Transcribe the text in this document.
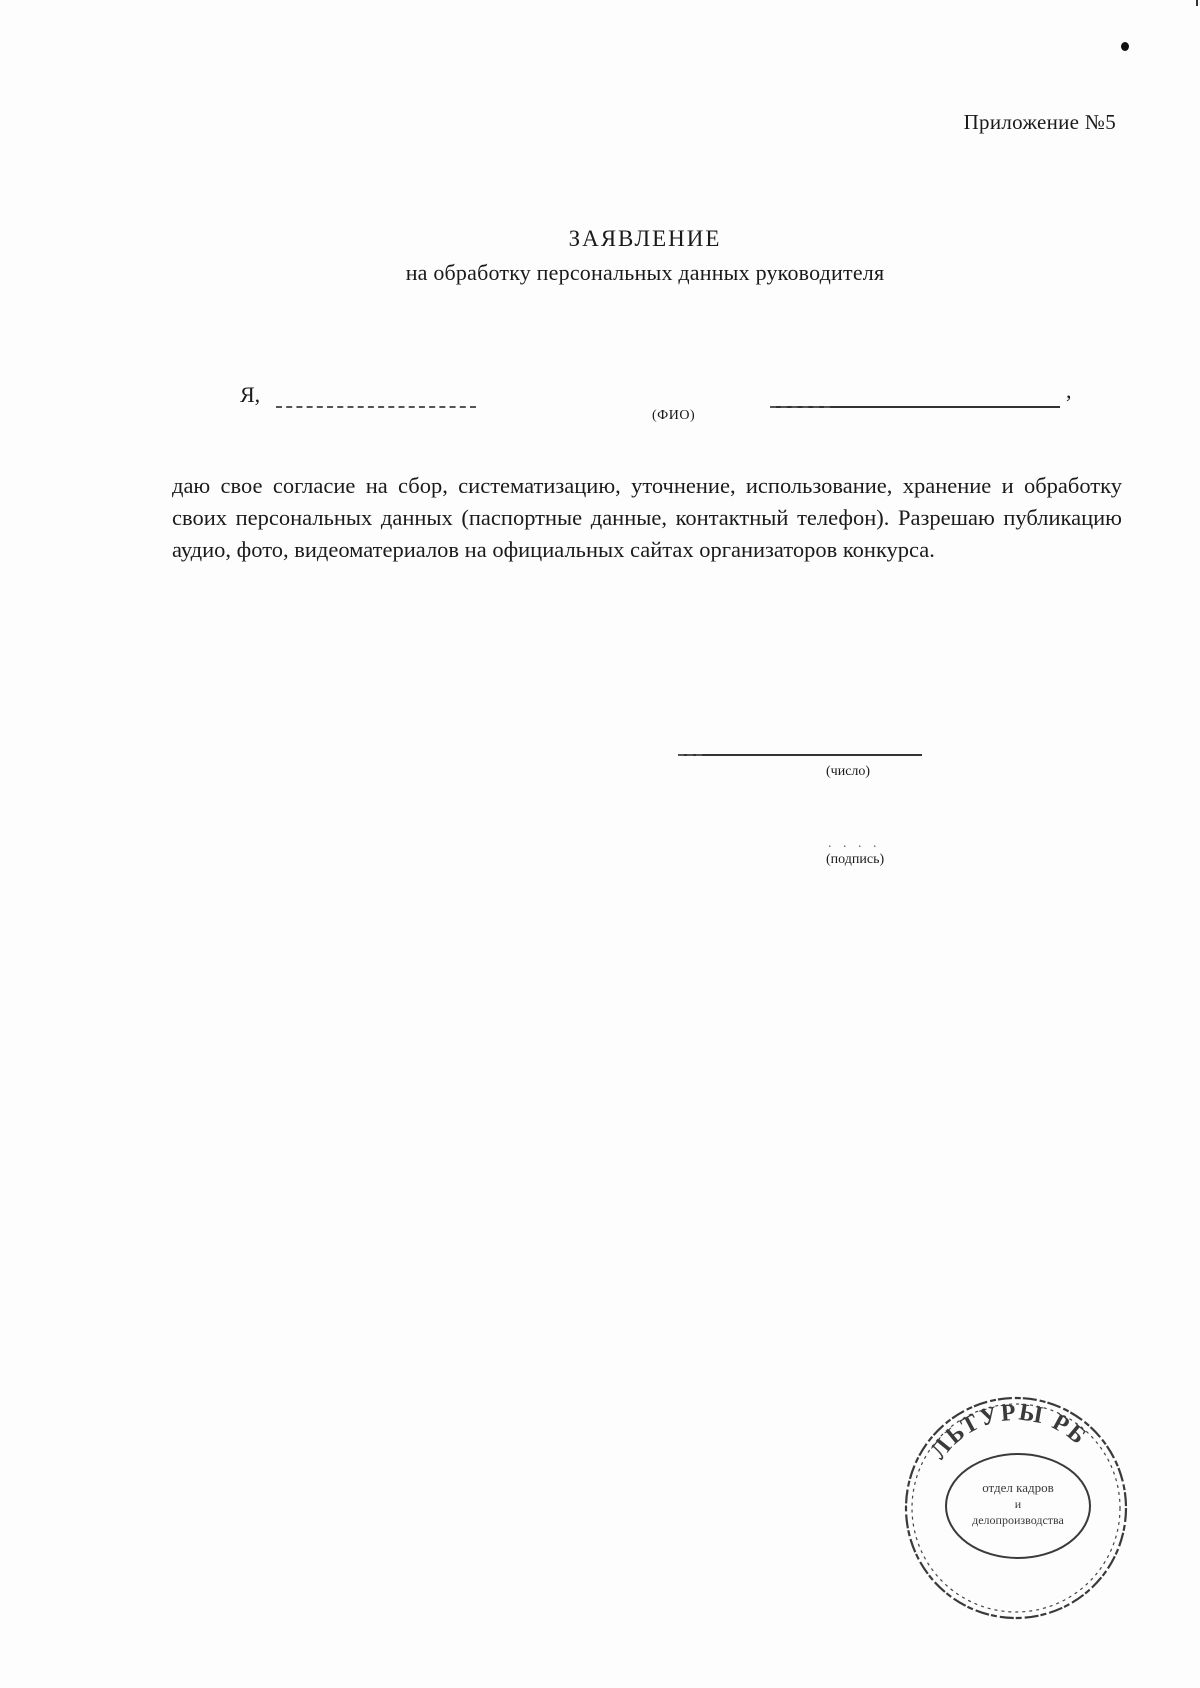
Приложение №5
ЗАЯВЛЕНИЕ
на обработку персональных данных руководителя
Я,	,
(ФИО)
даю свое согласие на сбор, систематизацию, уточнение, использование, хранение и обработку своих персональных данных (паспортные данные, контактный телефон). Разрешаю публикацию аудио, фото, видеоматериалов на официальных сайтах организаторов конкурса.
(число)
. . . .
(подпись)
ЛЬТУРЫ РБ
отдел кадров
и
делопроизводства
